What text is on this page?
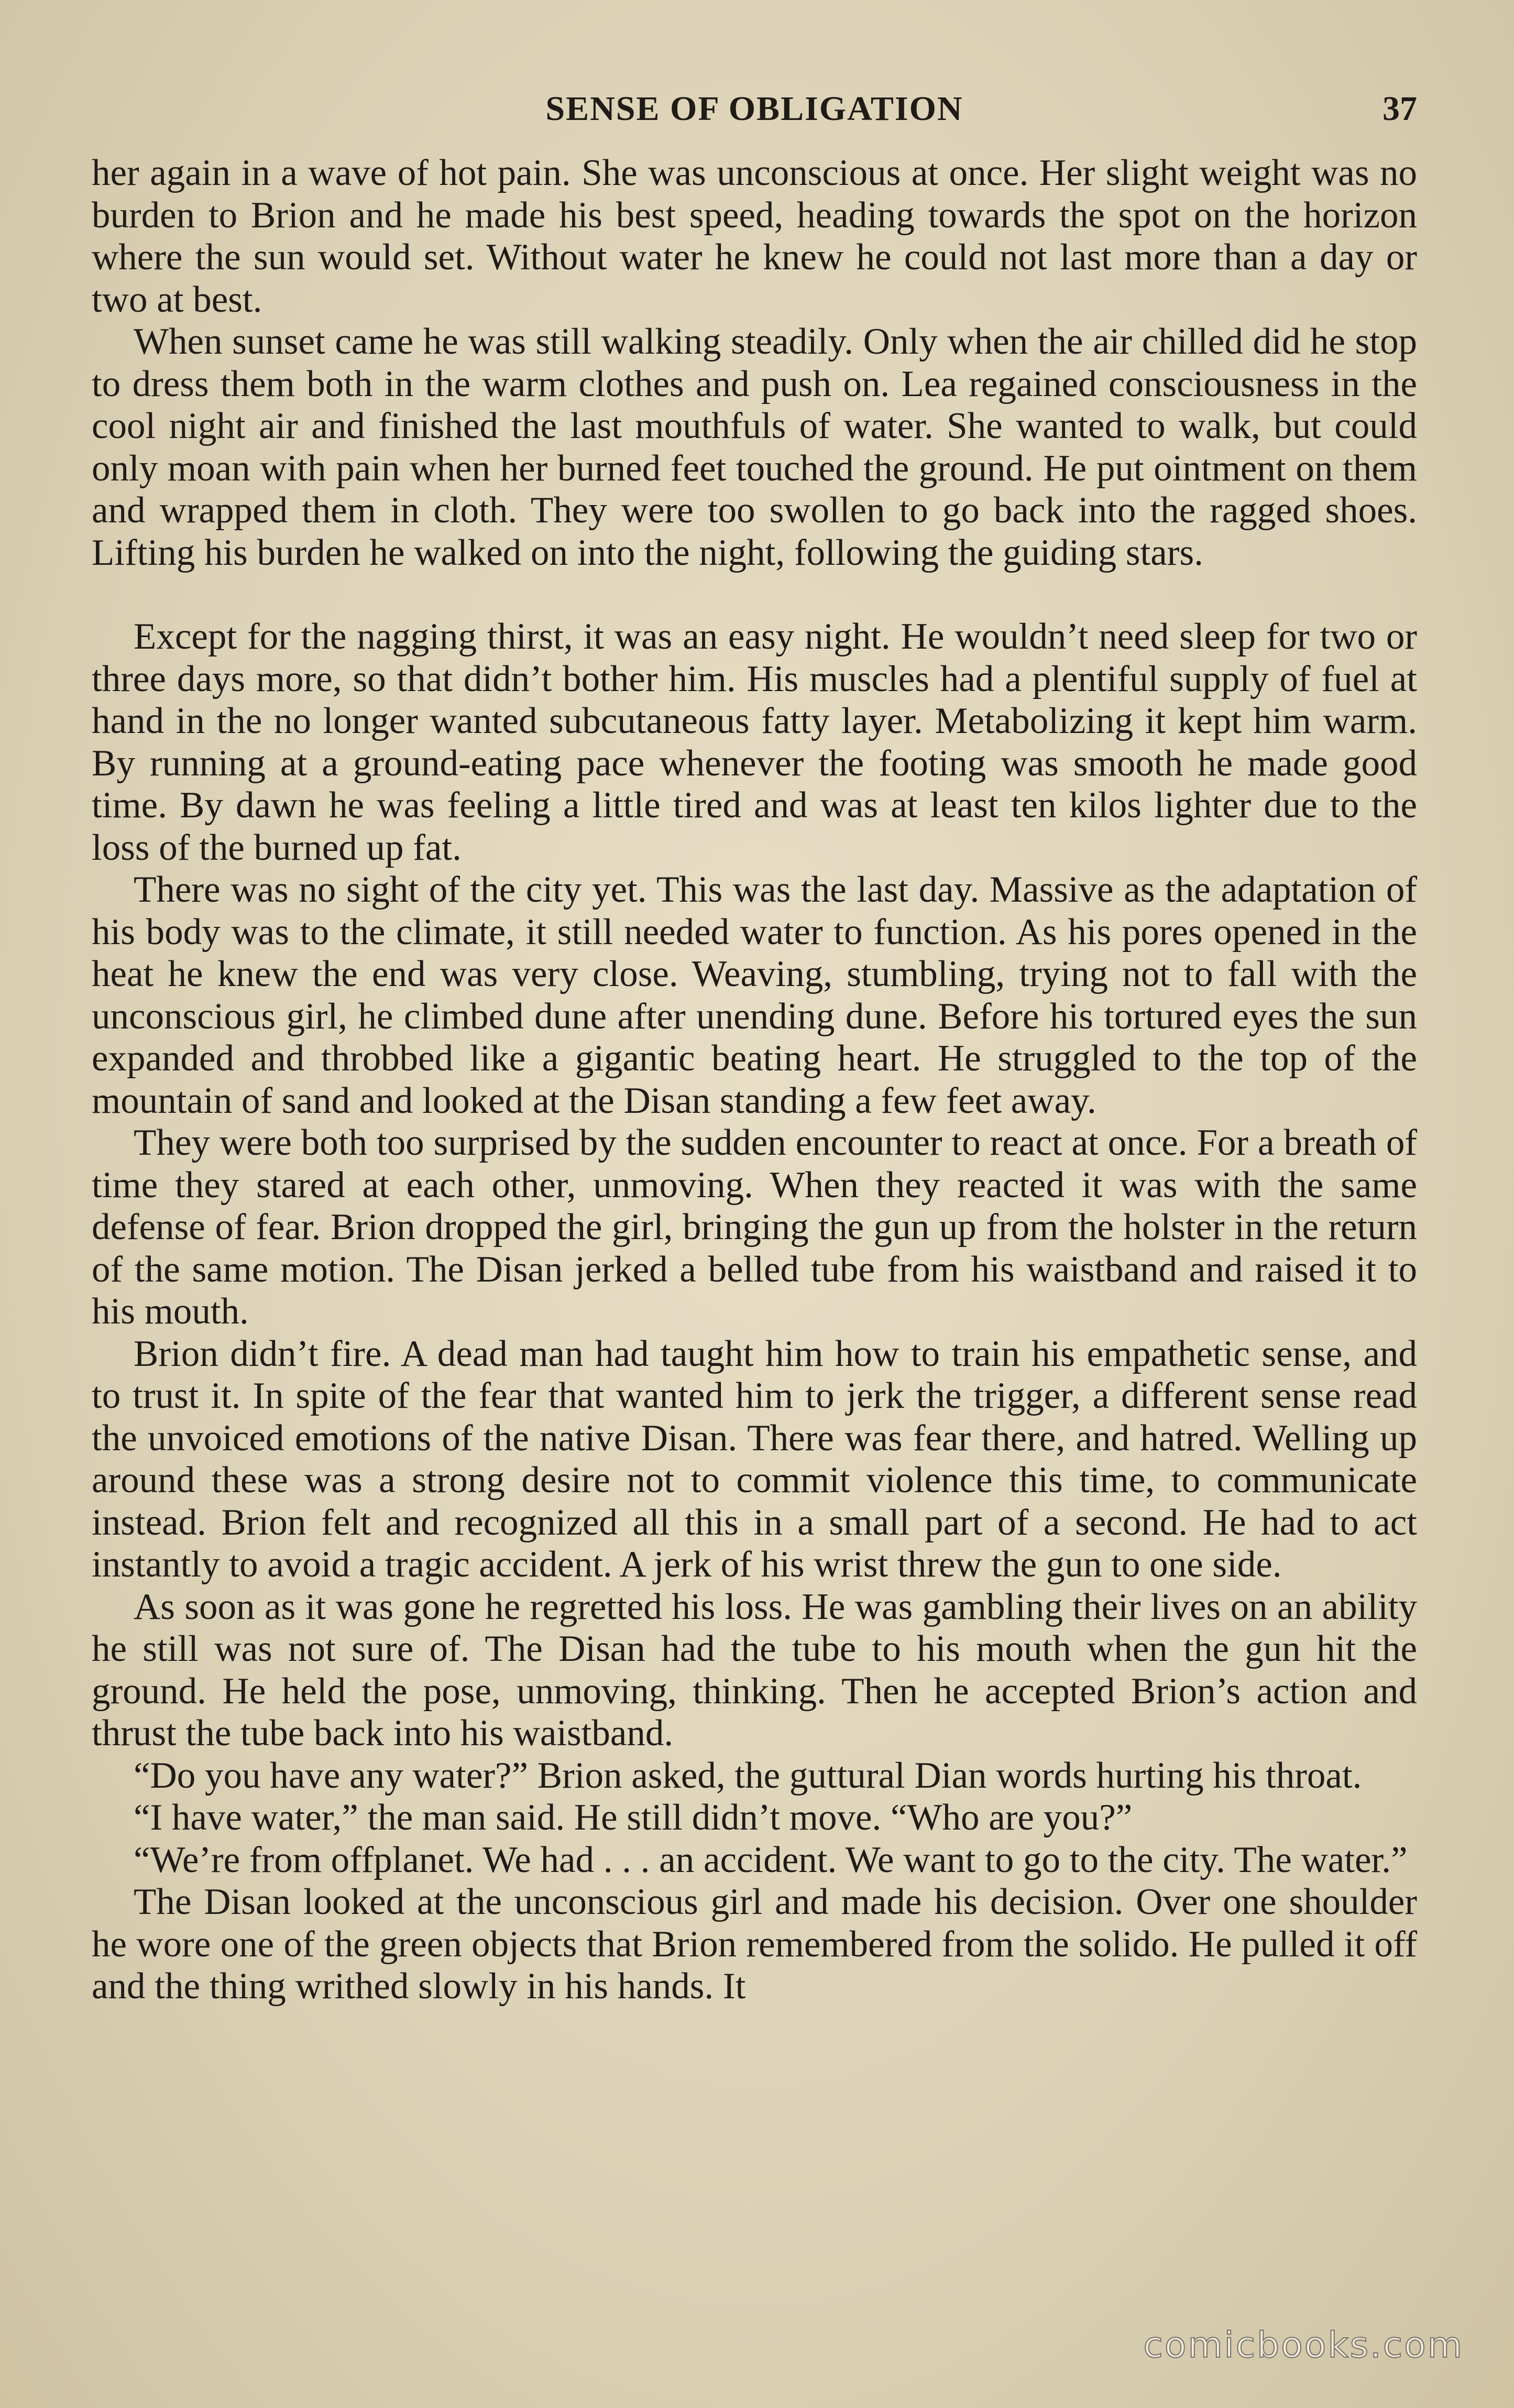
SENSE OF OBLIGATION	37

her again in a wave of hot pain. She was unconscious at once. Her slight weight was no burden to Brion and he made his best speed, heading towards the spot on the horizon where the sun would set. Without water he knew he could not last more than a day or two at best.

When sunset came he was still walking steadily. Only when the air chilled did he stop to dress them both in the warm clothes and push on. Lea regained consciousness in the cool night air and finished the last mouthfuls of water. She wanted to walk, but could only moan with pain when her burned feet touched the ground. He put ointment on them and wrapped them in cloth. They were too swollen to go back into the ragged shoes. Lifting his burden he walked on into the night, following the guiding stars.

Except for the nagging thirst, it was an easy night. He wouldn’t need sleep for two or three days more, so that didn’t bother him. His muscles had a plentiful supply of fuel at hand in the no longer wanted subcutaneous fatty layer. Metabolizing it kept him warm. By running at a ground-eating pace whenever the footing was smooth he made good time. By dawn he was feeling a little tired and was at least ten kilos lighter due to the loss of the burned up fat.

There was no sight of the city yet. This was the last day. Massive as the adaptation of his body was to the climate, it still needed water to function. As his pores opened in the heat he knew the end was very close. Weaving, stumbling, trying not to fall with the unconscious girl, he climbed dune after unending dune. Before his tortured eyes the sun expanded and throbbed like a gigantic beating heart. He struggled to the top of the mountain of sand and looked at the Disan standing a few feet away.

They were both too surprised by the sudden encounter to react at once. For a breath of time they stared at each other, unmoving. When they reacted it was with the same defense of fear. Brion dropped the girl, bringing the gun up from the holster in the return of the same motion. The Disan jerked a belled tube from his waistband and raised it to his mouth.

Brion didn’t fire. A dead man had taught him how to train his empathetic sense, and to trust it. In spite of the fear that wanted him to jerk the trigger, a different sense read the unvoiced emotions of the native Disan. There was fear there, and hatred. Welling up around these was a strong desire not to commit violence this time, to communicate instead. Brion felt and recognized all this in a small part of a second. He had to act instantly to avoid a tragic accident. A jerk of his wrist threw the gun to one side.

As soon as it was gone he regretted his loss. He was gambling their lives on an ability he still was not sure of. The Disan had the tube to his mouth when the gun hit the ground. He held the pose, unmoving, thinking. Then he accepted Brion’s action and thrust the tube back into his waistband.

“Do you have any water?” Brion asked, the guttural Dian words hurting his throat.

“I have water,” the man said. He still didn’t move. “Who are you?”

“We’re from offplanet. We had . . . an accident. We want to go to the city. The water.”

The Disan looked at the unconscious girl and made his decision. Over one shoulder he wore one of the green objects that Brion remembered from the solido. He pulled it off and the thing writhed slowly in his hands. It

comicbooks.com
